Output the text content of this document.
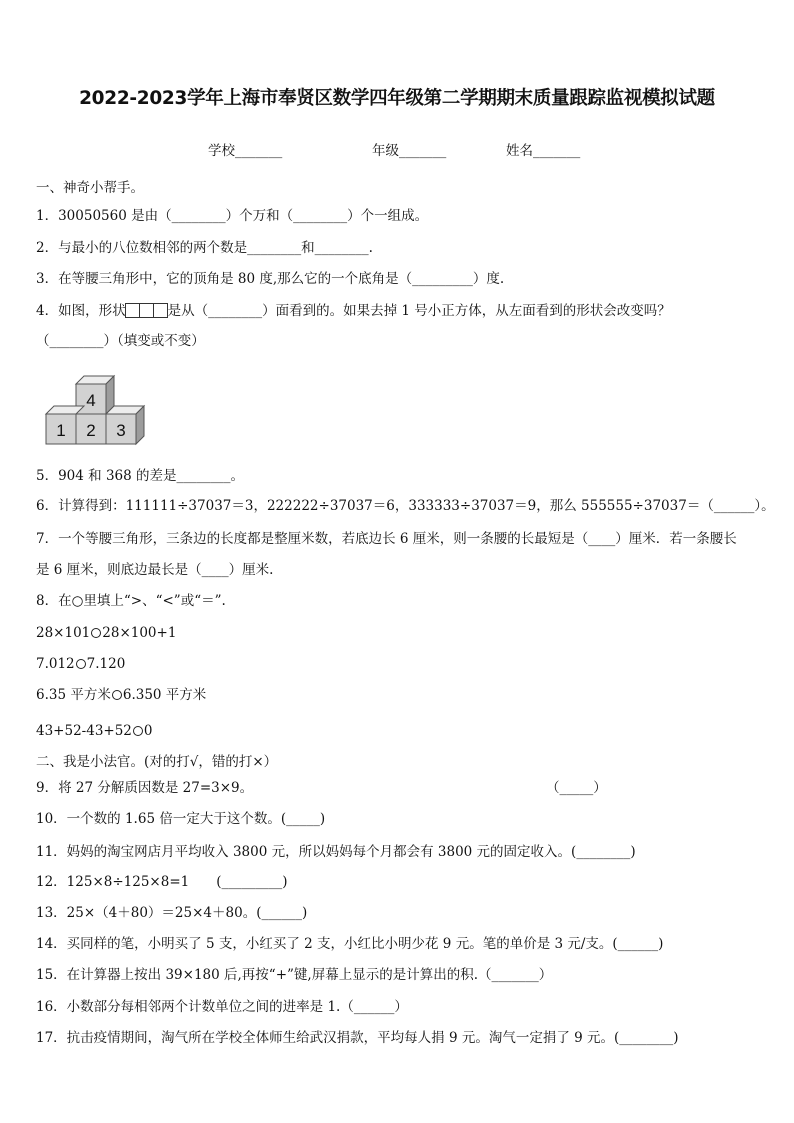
2022-2023学年上海市奉贤区数学四年级第二学期期末质量跟踪监视模拟试题
学校_______	年级_______	姓名_______
一、神奇小帮手。
1．30050560 是由（________）个万和（________）个一组成。
2．与最小的八位数相邻的两个数是________和________.
3．在等腰三角形中，它的顶角是 80 度,那么它的一个底角是（_________）度.
4．如图，形状	是从（________）面看到的。如果去掉 1 号小正方体，从左面看到的形状会改变吗？
（________）（填变或不变）
4
1 2 3
5．904 和 368 的差是________。
6．计算得到：111111÷37037＝3，222222÷37037＝6，333333÷37037＝9，那么 555555÷37037＝（______）。
7．一个等腰三角形，三条边的长度都是整厘米数，若底边长 6 厘米，则一条腰的长最短是（____）厘米．若一条腰长
是 6 厘米，则底边最长是（____）厘米.
8．在○里填上“>、“<”或“＝”.
28×101 28×100+1
7.012 7.120
6.35 平方米 6.350 平方米
43+52-43+52 0
二、我是小法官。(对的打√，错的打×）
9．将 27 分解质因数是 27=3×9。	（_____）
10．一个数的 1.65 倍一定大于这个数。(_____)
11．妈妈的淘宝网店月平均收入 3800 元，所以妈妈每个月都会有 3800 元的固定收入。(________)
12．125×8÷125×8=1　　(_________)
13．25×（4＋80）＝25×4＋80。(______)
14．买同样的笔，小明买了 5 支，小红买了 2 支，小红比小明少花 9 元。笔的单价是 3 元/支。(______)
15．在计算器上按出 39×180 后,再按“+”键,屏幕上显示的是计算出的积.（_______）
16．小数部分每相邻两个计数单位之间的进率是 1.（______）
17．抗击疫情期间，淘气所在学校全体师生给武汉捐款，平均每人捐 9 元。淘气一定捐了 9 元。(________)
